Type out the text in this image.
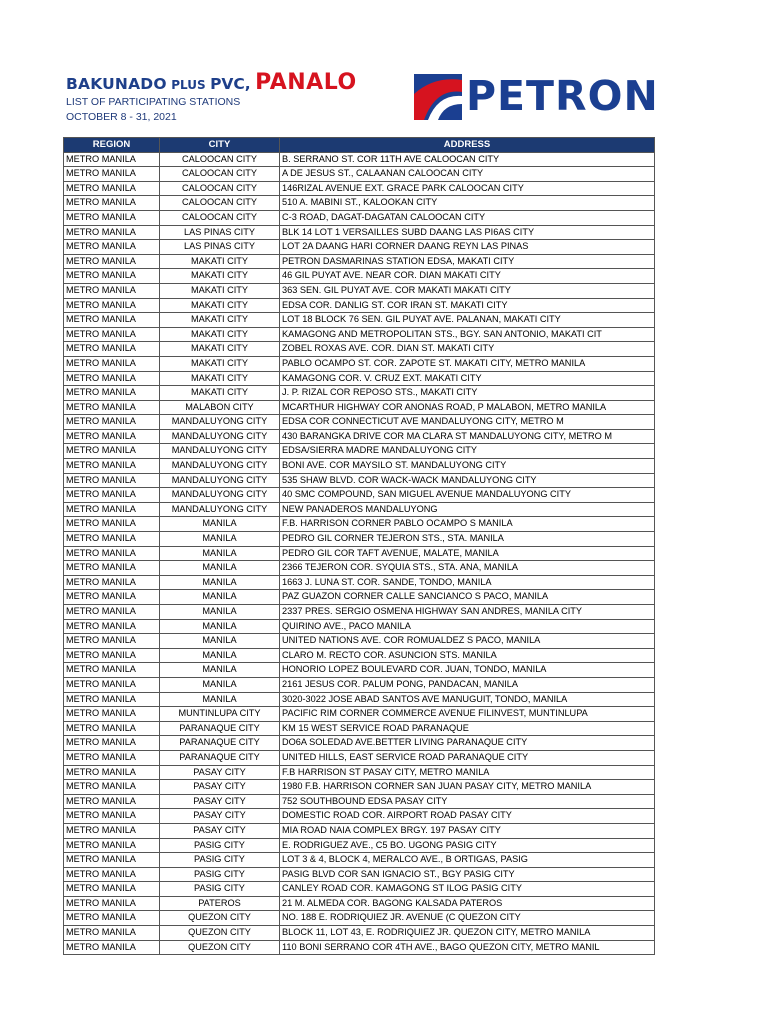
BAKUNADO PLUS PVC, PANALO
LIST OF PARTICIPATING STATIONS
OCTOBER 8 - 31, 2021	PETRON
REGION	CITY	ADDRESS
METRO MANILA	CALOOCAN CITY	B. SERRANO ST. COR 11TH AVE CALOOCAN CITY
METRO MANILA	CALOOCAN CITY	A DE JESUS ST., CALAANAN CALOOCAN CITY
METRO MANILA	CALOOCAN CITY	146RIZAL AVENUE EXT. GRACE PARK CALOOCAN CITY
METRO MANILA	CALOOCAN CITY	510 A. MABINI ST., KALOOKAN CITY
METRO MANILA	CALOOCAN CITY	C-3 ROAD, DAGAT-DAGATAN CALOOCAN CITY
METRO MANILA	LAS PINAS CITY	BLK 14 LOT 1 VERSAILLES SUBD DAANG LAS PI6AS CITY
METRO MANILA	LAS PINAS CITY	LOT 2A DAANG HARI CORNER DAANG REYN LAS PINAS
METRO MANILA	MAKATI CITY	PETRON DASMARINAS STATION EDSA, MAKATI CITY
METRO MANILA	MAKATI CITY	46 GIL PUYAT AVE. NEAR COR. DIAN MAKATI CITY
METRO MANILA	MAKATI CITY	363 SEN. GIL PUYAT AVE. COR MAKATI MAKATI CITY
METRO MANILA	MAKATI CITY	EDSA COR. DANLIG ST. COR IRAN ST. MAKATI CITY
METRO MANILA	MAKATI CITY	LOT 18 BLOCK 76 SEN. GIL PUYAT AVE. PALANAN, MAKATI CITY
METRO MANILA	MAKATI CITY	KAMAGONG AND METROPOLITAN STS., BGY. SAN ANTONIO, MAKATI CIT
METRO MANILA	MAKATI CITY	ZOBEL ROXAS AVE. COR. DIAN ST. MAKATI CITY
METRO MANILA	MAKATI CITY	PABLO OCAMPO ST. COR. ZAPOTE ST. MAKATI CITY, METRO MANILA
METRO MANILA	MAKATI CITY	KAMAGONG COR. V. CRUZ EXT. MAKATI CITY
METRO MANILA	MAKATI CITY	J. P. RIZAL COR REPOSO STS., MAKATI CITY
METRO MANILA	MALABON CITY	MCARTHUR HIGHWAY COR ANONAS ROAD, P MALABON, METRO MANILA
METRO MANILA	MANDALUYONG CITY	EDSA COR CONNECTICUT AVE MANDALUYONG CITY, METRO M
METRO MANILA	MANDALUYONG CITY	430 BARANGKA DRIVE COR MA CLARA ST MANDALUYONG CITY, METRO M
METRO MANILA	MANDALUYONG CITY	EDSA/SIERRA MADRE MANDALUYONG CITY
METRO MANILA	MANDALUYONG CITY	BONI AVE. COR MAYSILO ST. MANDALUYONG CITY
METRO MANILA	MANDALUYONG CITY	535 SHAW BLVD. COR WACK-WACK MANDALUYONG CITY
METRO MANILA	MANDALUYONG CITY	40 SMC COMPOUND, SAN MIGUEL AVENUE MANDALUYONG CITY
METRO MANILA	MANDALUYONG CITY	NEW PANADEROS MANDALUYONG
METRO MANILA	MANILA	F.B. HARRISON CORNER PABLO OCAMPO S MANILA
METRO MANILA	MANILA	PEDRO GIL CORNER TEJERON STS., STA. MANILA
METRO MANILA	MANILA	PEDRO GIL COR TAFT AVENUE, MALATE, MANILA
METRO MANILA	MANILA	2366 TEJERON COR. SYQUIA STS., STA. ANA, MANILA
METRO MANILA	MANILA	1663 J. LUNA ST. COR. SANDE, TONDO, MANILA
METRO MANILA	MANILA	PAZ GUAZON CORNER CALLE SANCIANCO S PACO, MANILA
METRO MANILA	MANILA	2337 PRES. SERGIO OSMENA HIGHWAY SAN ANDRES, MANILA CITY
METRO MANILA	MANILA	QUIRINO AVE., PACO MANILA
METRO MANILA	MANILA	UNITED NATIONS AVE. COR ROMUALDEZ S PACO, MANILA
METRO MANILA	MANILA	CLARO M. RECTO COR. ASUNCION STS. MANILA
METRO MANILA	MANILA	HONORIO LOPEZ BOULEVARD COR. JUAN, TONDO, MANILA
METRO MANILA	MANILA	2161 JESUS COR. PALUM PONG, PANDACAN, MANILA
METRO MANILA	MANILA	3020-3022 JOSE ABAD SANTOS AVE MANUGUIT, TONDO, MANILA
METRO MANILA	MUNTINLUPA CITY	PACIFIC RIM CORNER COMMERCE AVENUE FILINVEST, MUNTINLUPA
METRO MANILA	PARANAQUE CITY	KM 15 WEST SERVICE ROAD PARANAQUE
METRO MANILA	PARANAQUE CITY	DO6A SOLEDAD AVE.BETTER LIVING PARANAQUE CITY
METRO MANILA	PARANAQUE CITY	UNITED HILLS, EAST SERVICE ROAD PARANAQUE CITY
METRO MANILA	PASAY CITY	F.B HARRISON ST PASAY CITY, METRO MANILA
METRO MANILA	PASAY CITY	1980 F.B. HARRISON CORNER SAN JUAN PASAY CITY, METRO MANILA
METRO MANILA	PASAY CITY	752 SOUTHBOUND EDSA PASAY CITY
METRO MANILA	PASAY CITY	DOMESTIC ROAD COR. AIRPORT ROAD PASAY CITY
METRO MANILA	PASAY CITY	MIA ROAD NAIA COMPLEX BRGY. 197 PASAY CITY
METRO MANILA	PASIG CITY	E. RODRIGUEZ AVE., C5 BO. UGONG PASIG CITY
METRO MANILA	PASIG CITY	LOT 3 & 4, BLOCK 4, MERALCO AVE., B ORTIGAS, PASIG
METRO MANILA	PASIG CITY	PASIG BLVD COR SAN IGNACIO ST., BGY PASIG CITY
METRO MANILA	PASIG CITY	CANLEY ROAD COR. KAMAGONG ST ILOG PASIG CITY
METRO MANILA	PATEROS	21 M. ALMEDA COR. BAGONG KALSADA PATEROS
METRO MANILA	QUEZON CITY	NO. 188 E. RODRIQUIEZ JR. AVENUE (C QUEZON CITY
METRO MANILA	QUEZON CITY	BLOCK 11, LOT 43, E. RODRIQUIEZ JR. QUEZON CITY, METRO MANILA
METRO MANILA	QUEZON CITY	110 BONI SERRANO COR 4TH AVE., BAGO QUEZON CITY, METRO MANIL
